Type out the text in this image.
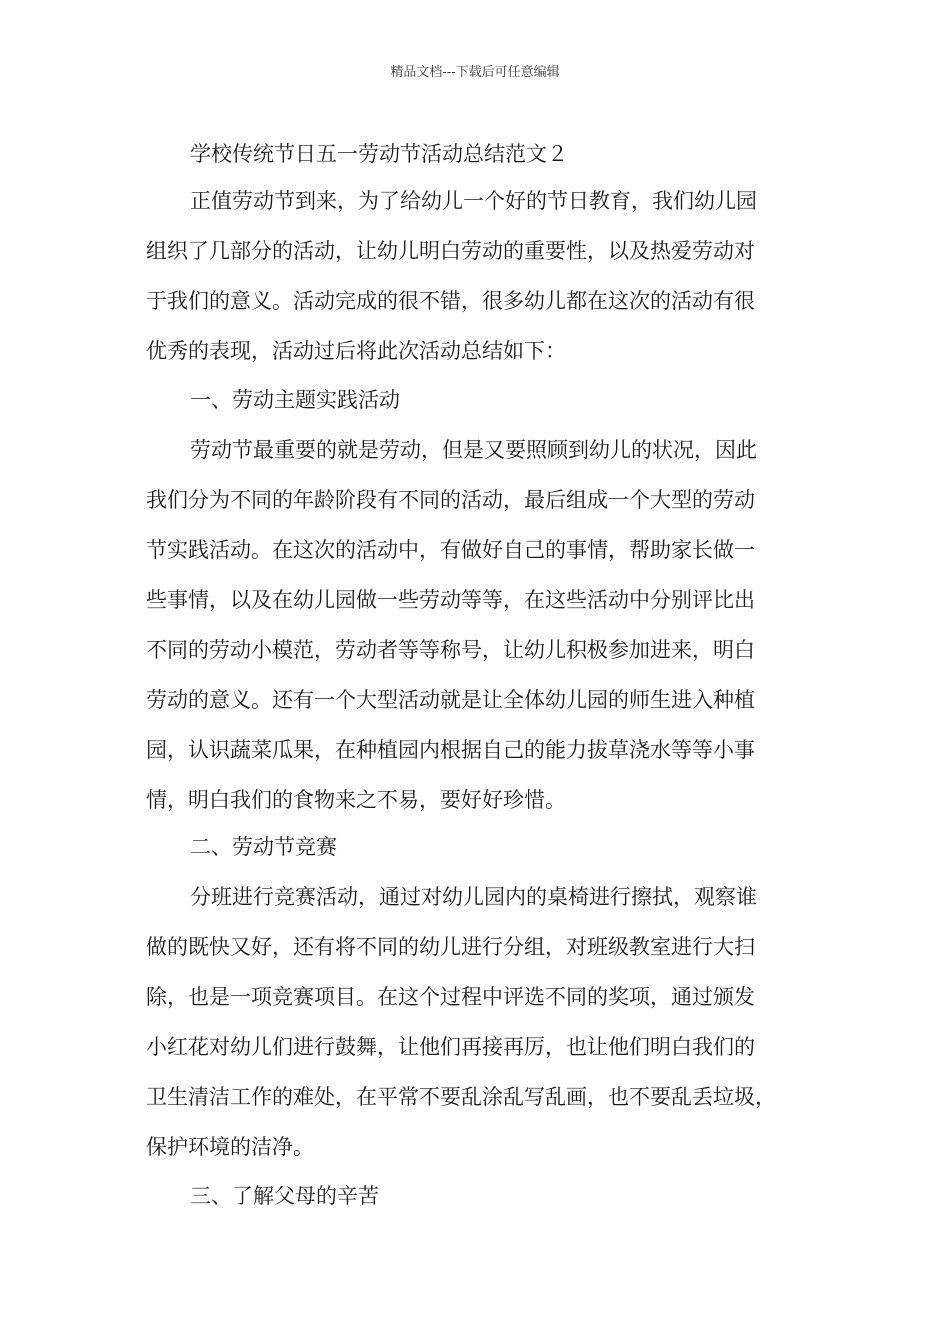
精品文档---下载后可任意编辑
学校传统节日五一劳动节活动总结范文２
正值劳动节到来，为了给幼儿一个好的节日教育，我们幼儿园
组织了几部分的活动，让幼儿明白劳动的重要性，以及热爱劳动对
于我们的意义。活动完成的很不错，很多幼儿都在这次的活动有很
优秀的表现，活动过后将此次活动总结如下：
一、劳动主题实践活动
劳动节最重要的就是劳动，但是又要照顾到幼儿的状况，因此
我们分为不同的年龄阶段有不同的活动，最后组成一个大型的劳动
节实践活动。在这次的活动中，有做好自己的事情，帮助家长做一
些事情，以及在幼儿园做一些劳动等等，在这些活动中分别评比出
不同的劳动小模范，劳动者等等称号，让幼儿积极参加进来，明白
劳动的意义。还有一个大型活动就是让全体幼儿园的师生进入种植
园，认识蔬菜瓜果，在种植园内根据自己的能力拔草浇水等等小事
情，明白我们的食物来之不易，要好好珍惜。
二、劳动节竞赛
分班进行竞赛活动，通过对幼儿园内的桌椅进行擦拭，观察谁
做的既快又好，还有将不同的幼儿进行分组，对班级教室进行大扫
除，也是一项竞赛项目。在这个过程中评选不同的奖项，通过颁发
小红花对幼儿们进行鼓舞，让他们再接再厉，也让他们明白我们的
卫生清洁工作的难处，在平常不要乱涂乱写乱画，也不要乱丢垃圾，
保护环境的洁净。
三、了解父母的辛苦
